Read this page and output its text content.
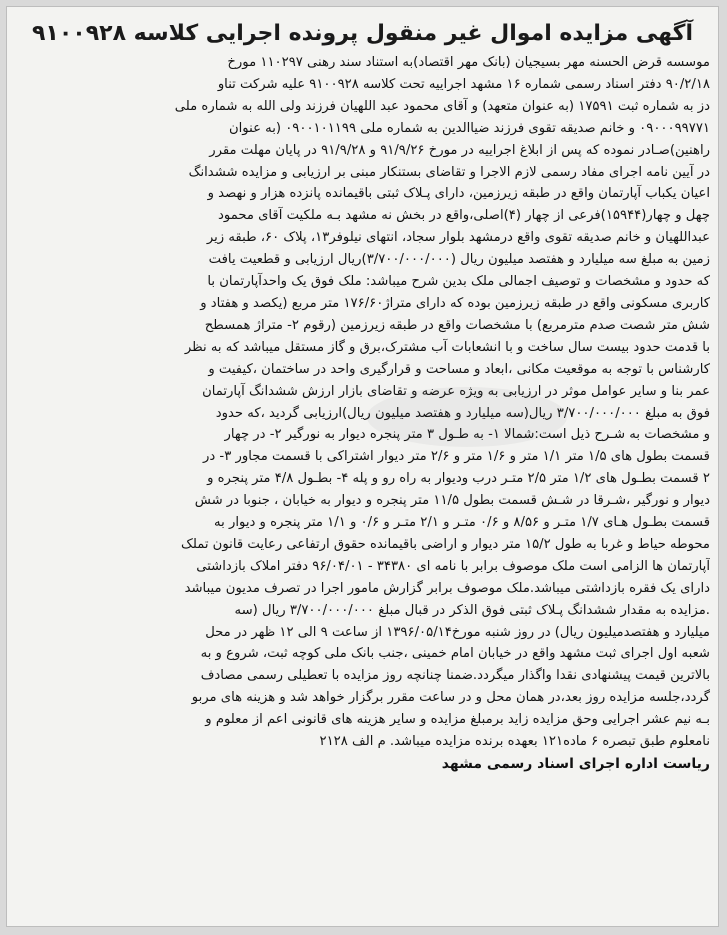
آگهی مزایده اموال غیر منقول پرونده اجرایی کلاسه ۹۱۰۰۹۲۸
موسسه قرض الحسنه مهر بسیجیان (بانک مهر اقتصاد)به استناد سند رهنی ۱۱۰۲۹۷ مورخ
۹۰/۲/۱۸ دفتر اسناد رسمی شماره ۱۶ مشهد اجراییه تحت کلاسه ۹۱۰۰۹۲۸ علیه شرکت تناو
دز به شماره ثبت ۱۷۵۹۱ (به عنوان متعهد) و آقای محمود عبد اللهیان فرزند ولی الله به شماره ملی
۰۹۰۰۰۹۹۷۷۱ و خانم صدیقه تقوی فرزند ضیاالدین به شماره ملی ۰۹۰۰۱۰۱۱۹۹ (به عنوان
راهنین)صـادر نموده که پس از ابلاغ اجراییه در مورخ ۹۱/۹/۲۶ و ۹۱/۹/۲۸ در پایان مهلت مقرر
در آیین نامه اجرای مفاد رسمی لازم الاجرا و تقاضای بستنکار مبنی بر ارزیابی و مزایده ششدانگ
اعیان یکباب آپارتمان واقع در طبقه زیرزمین، دارای پـلاک ثبتی باقیمانده پانزده هزار و نهصد و
چهل و چهار(۱۵۹۴۴)فرعی از چهار (۴)اصلی،واقع در بخش نه مشهد بـه ملکیت آقای محمود
عبداللهیان و خانم صدیقه تقوی واقع درمشهد بلوار سجاد، انتهای نیلوفر۱۳، پلاک ۶۰، طبقه زیر
زمین به مبلغ سه میلیارد و هفتصد میلیون ریال (۳/۷۰۰/۰۰۰/۰۰۰)ریال ارزیابی و قطعیت یافت
که حدود و مشخصات و توصیف اجمالی ملک بدین شرح میباشد: ملک فوق یک واحدآپارتمان با
کاربری مسکونی واقع در طبقه زیرزمین بوده که دارای متراژ۱۷۶/۶۰ متر مربع (یکصد و هفتاد و
شش متر شصت صدم مترمربع) با مشخصات واقع در طبقه زیرزمین (رقوم ۲- متراژ همسطح
با قدمت حدود بیست سال ساخت و با انشعابات آب مشترک،برق و گاز مستقل میباشد که به نظر
کارشناس با توجه به موقعیت مکانی ،ابعاد و مساحت و قرارگیری واحد در ساختمان ،کیفیت و
عمر بنا و سایر عوامل موثر در ارزیابی به ویژه عرضه و تقاضای بازار ارزش ششدانگ آپارتمان
فوق به مبلغ ۳/۷۰۰/۰۰۰/۰۰۰ ریال(سه میلیارد و هفتصد میلیون ریال)ارزیابی گردید ،که حدود
و مشخصات به شـرح ذیل است:شمالا ۱- به طـول ۳ متر پنجره دیوار به نورگیر ۲- در چهار
قسمت بطول های ۱/۵ متر ۱/۱ متر و ۱/۶ متر و ۲/۶ متر دیوار اشتراکی با قسمت مجاور ۳- در
۲ قسمت بطـول های ۱/۲ متر ۲/۵ متـر درب ودیوار به راه رو و پله ۴- بطـول ۴/۸ متر پنجره و
دیوار و نورگیر ،شـرقا در شـش قسمت بطول ۱۱/۵ متر پنجره و دیوار به خیابان ، جنوبا در شش
قسمت بطـول هـای ۱/۷ متـر و ۸/۵۶ و ۰/۶ متـر و ۲/۱ متـر و ۰/۶ و ۱/۱ متر پنجره و دیوار به
محوطه حیاط و غربا به طول ۱۵/۲ متر دیوار و اراضی باقیمانده حقوق ارتفاعی رعایت قانون تملک
آپارتمان ها الزامی است ملک موصوف برابر با نامه ای ۳۴۳۸۰ - ۹۶/۰۴/۰۱ دفتر املاک بازداشتی
دارای یک فقره بازداشتی میباشد.ملک موصوف برابر گزارش مامور اجرا در تصرف مدیون میباشد
.مزایده به مقدار ششدانگ پـلاک ثبتی فوق الذکر در قبال مبلغ ۳/۷۰۰/۰۰۰/۰۰۰ ریال (سه
میلیارد و هفتصدمیلیون ریال) در روز شنبه مورخ۱۳۹۶/۰۵/۱۴ از ساعت ۹ الی ۱۲ ظهر در محل
شعبه اول اجرای ثبت مشهد واقع در خیابان امام خمینی ،جنب بانک ملی کوچه ثبت، شروع و به
بالاترین قیمت پیشنهادی نقدا واگذار میگردد.ضمنا چنانچه روز مزایده با تعطیلی رسمی مصادف
گردد،جلسه مزایده روز بعد،در همان محل و در ساعت مقرر برگزار خواهد شد و هزینه های مربو
بـه نیم عشر اجرایی وحق مزایده زاید برمبلغ مزایده و سایر هزینه های قانونی اعم از معلوم و
نامعلوم طبق تبصره ۶ ماده۱۲۱ بعهده برنده مزایده میباشد. م الف ۲۱۲۸
ریاست اداره اجرای اسناد رسمی مشهد
